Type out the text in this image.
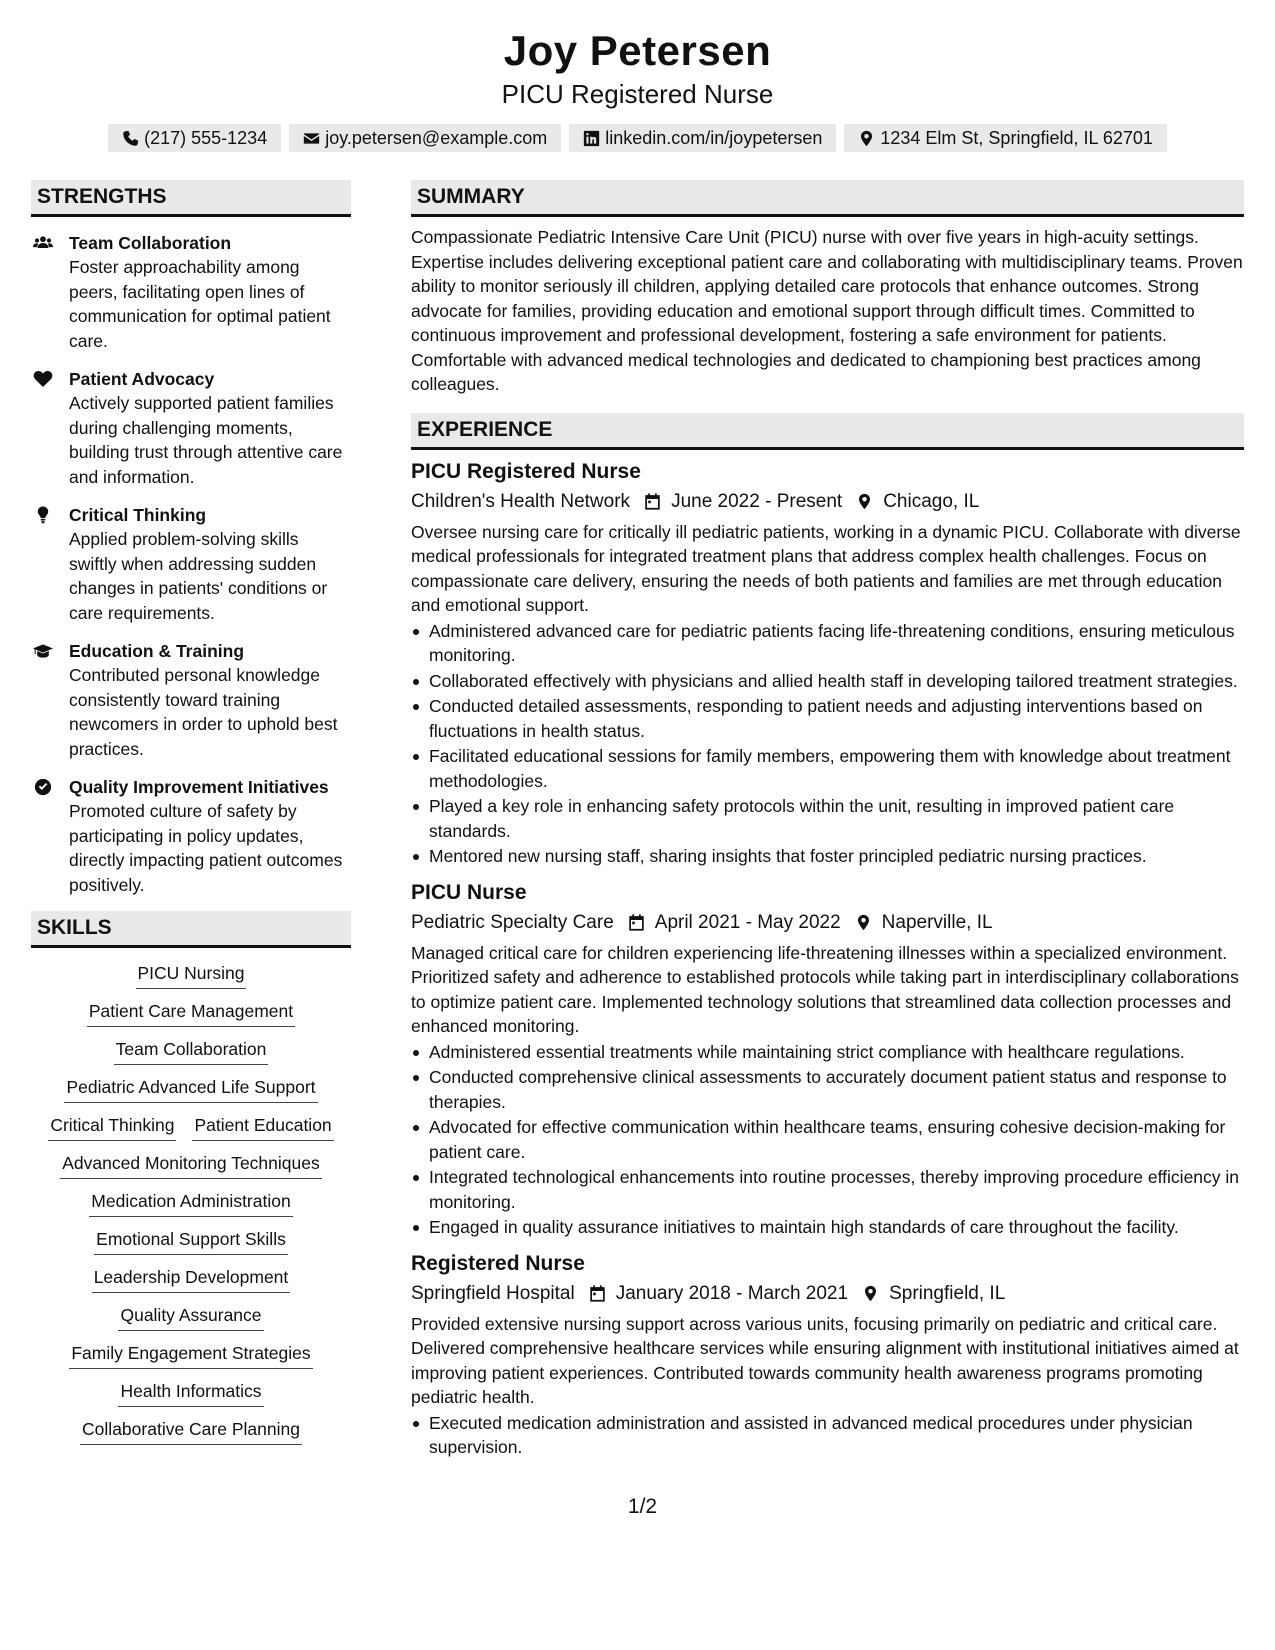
Joy Petersen
PICU Registered Nurse
(217) 555-1234	joy.petersen@example.com	linkedin.com/in/joypetersen	1234 Elm St, Springfield, IL 62701
STRENGTHS
Team Collaboration
Foster approachability among peers, facilitating open lines of communication for optimal patient care.
Patient Advocacy
Actively supported patient families during challenging moments, building trust through attentive care and information.
Critical Thinking
Applied problem-solving skills swiftly when addressing sudden changes in patients' conditions or care requirements.
Education & Training
Contributed personal knowledge consistently toward training newcomers in order to uphold best practices.
Quality Improvement Initiatives
Promoted culture of safety by participating in policy updates, directly impacting patient outcomes positively.
SKILLS
PICU Nursing
Patient Care Management
Team Collaboration
Pediatric Advanced Life Support
Critical Thinking Patient Education
Advanced Monitoring Techniques
Medication Administration
Emotional Support Skills
Leadership Development
Quality Assurance
Family Engagement Strategies
Health Informatics
Collaborative Care Planning
SUMMARY
Compassionate Pediatric Intensive Care Unit (PICU) nurse with over five years in high-acuity settings. Expertise includes delivering exceptional patient care and collaborating with multidisciplinary teams. Proven ability to monitor seriously ill children, applying detailed care protocols that enhance outcomes. Strong advocate for families, providing education and emotional support through difficult times. Committed to continuous improvement and professional development, fostering a safe environment for patients. Comfortable with advanced medical technologies and dedicated to championing best practices among colleagues.
EXPERIENCE
PICU Registered Nurse
Children's Health Network June 2022 - Present Chicago, IL
Oversee nursing care for critically ill pediatric patients, working in a dynamic PICU. Collaborate with diverse medical professionals for integrated treatment plans that address complex health challenges. Focus on compassionate care delivery, ensuring the needs of both patients and families are met through education and emotional support.
Administered advanced care for pediatric patients facing life-threatening conditions, ensuring meticulous monitoring.
Collaborated effectively with physicians and allied health staff in developing tailored treatment strategies.
Conducted detailed assessments, responding to patient needs and adjusting interventions based on fluctuations in health status.
Facilitated educational sessions for family members, empowering them with knowledge about treatment methodologies.
Played a key role in enhancing safety protocols within the unit, resulting in improved patient care standards.
Mentored new nursing staff, sharing insights that foster principled pediatric nursing practices.
PICU Nurse
Pediatric Specialty Care April 2021 - May 2022 Naperville, IL
Managed critical care for children experiencing life-threatening illnesses within a specialized environment. Prioritized safety and adherence to established protocols while taking part in interdisciplinary collaborations to optimize patient care. Implemented technology solutions that streamlined data collection processes and enhanced monitoring.
Administered essential treatments while maintaining strict compliance with healthcare regulations.
Conducted comprehensive clinical assessments to accurately document patient status and response to therapies.
Advocated for effective communication within healthcare teams, ensuring cohesive decision-making for patient care.
Integrated technological enhancements into routine processes, thereby improving procedure efficiency in monitoring.
Engaged in quality assurance initiatives to maintain high standards of care throughout the facility.
Registered Nurse
Springfield Hospital January 2018 - March 2021 Springfield, IL
Provided extensive nursing support across various units, focusing primarily on pediatric and critical care. Delivered comprehensive healthcare services while ensuring alignment with institutional initiatives aimed at improving patient experiences. Contributed towards community health awareness programs promoting pediatric health.
Executed medication administration and assisted in advanced medical procedures under physician supervision.
1/2
